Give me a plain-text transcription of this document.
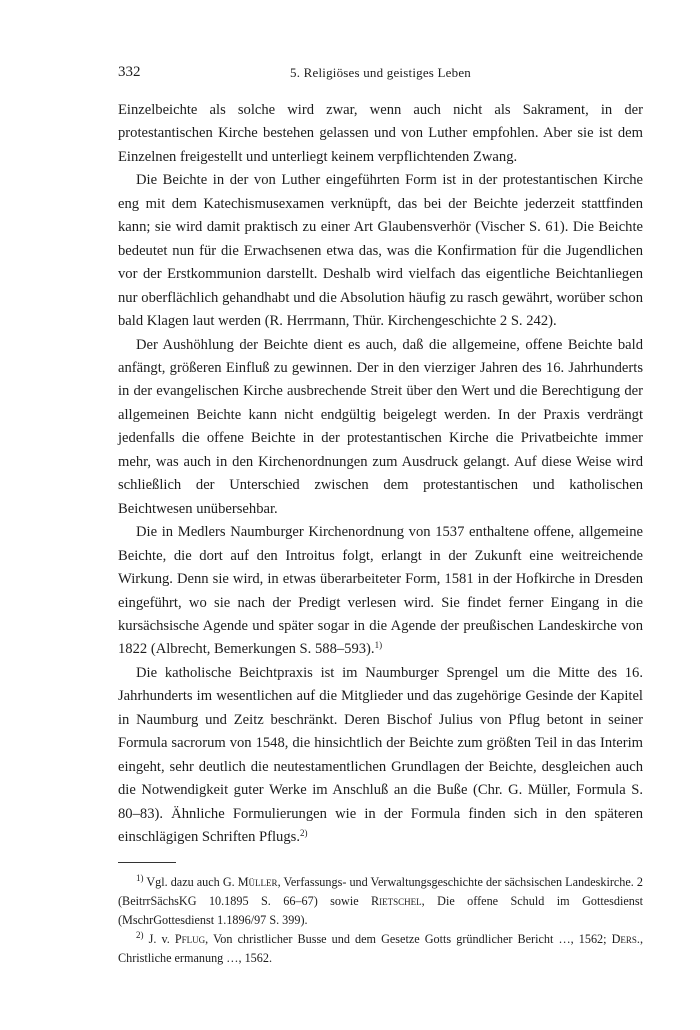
332	5. Religiöses und geistiges Leben

Einzelbeichte als solche wird zwar, wenn auch nicht als Sakrament, in der protestantischen Kirche bestehen gelassen und von Luther empfohlen. Aber sie ist dem Einzelnen freigestellt und unterliegt keinem verpflichtenden Zwang.

Die Beichte in der von Luther eingeführten Form ist in der protestantischen Kirche eng mit dem Katechismusexamen verknüpft, das bei der Beichte jederzeit stattfinden kann; sie wird damit praktisch zu einer Art Glaubensverhör (Vischer S. 61). Die Beichte bedeutet nun für die Erwachsenen etwa das, was die Konfirmation für die Jugendlichen vor der Erstkommunion darstellt. Deshalb wird vielfach das eigentliche Beichtanliegen nur oberflächlich gehandhabt und die Absolution häufig zu rasch gewährt, worüber schon bald Klagen laut werden (R. Herrmann, Thür. Kirchengeschichte 2 S. 242).

Der Aushöhlung der Beichte dient es auch, daß die allgemeine, offene Beichte bald anfängt, größeren Einfluß zu gewinnen. Der in den vierziger Jahren des 16. Jahrhunderts in der evangelischen Kirche ausbrechende Streit über den Wert und die Berechtigung der allgemeinen Beichte kann nicht endgültig beigelegt werden. In der Praxis verdrängt jedenfalls die offene Beichte in der protestantischen Kirche die Privatbeichte immer mehr, was auch in den Kirchenordnungen zum Ausdruck gelangt. Auf diese Weise wird schließlich der Unterschied zwischen dem protestantischen und katholischen Beichtwesen unübersehbar.

Die in Medlers Naumburger Kirchenordnung von 1537 enthaltene offene, allgemeine Beichte, die dort auf den Introitus folgt, erlangt in der Zukunft eine weitreichende Wirkung. Denn sie wird, in etwas überarbeiteter Form, 1581 in der Hofkirche in Dresden eingeführt, wo sie nach der Predigt verlesen wird. Sie findet ferner Eingang in die kursächsische Agende und später sogar in die Agende der preußischen Landeskirche von 1822 (Albrecht, Bemerkungen S. 588–593).$^{1)}$

Die katholische Beichtpraxis ist im Naumburger Sprengel um die Mitte des 16. Jahrhunderts im wesentlichen auf die Mitglieder und das zugehörige Gesinde der Kapitel in Naumburg und Zeitz beschränkt. Deren Bischof Julius von Pflug betont in seiner Formula sacrorum von 1548, die hinsichtlich der Beichte zum größten Teil in das Interim eingeht, sehr deutlich die neutestamentlichen Grundlagen der Beichte, desgleichen auch die Notwendigkeit guter Werke im Anschluß an die Buße (Chr. G. Müller, Formula S. 80–83). Ähnliche Formulierungen wie in der Formula finden sich in den späteren einschlägigen Schriften Pflugs.$^{2)}$

$^{1)}$ Vgl. dazu auch G. Müller, Verfassungs- und Verwaltungsgeschichte der sächsischen Landeskirche. 2 (BeitrrSächsKG 10.1895 S. 66–67) sowie Rietschel, Die offene Schuld im Gottesdienst (MschrGottesdienst 1.1896/97 S. 399).

$^{2)}$ J. v. Pflug, Von christlicher Busse und dem Gesetze Gotts gründlicher Bericht …, 1562; Ders., Christliche ermanung …, 1562.
